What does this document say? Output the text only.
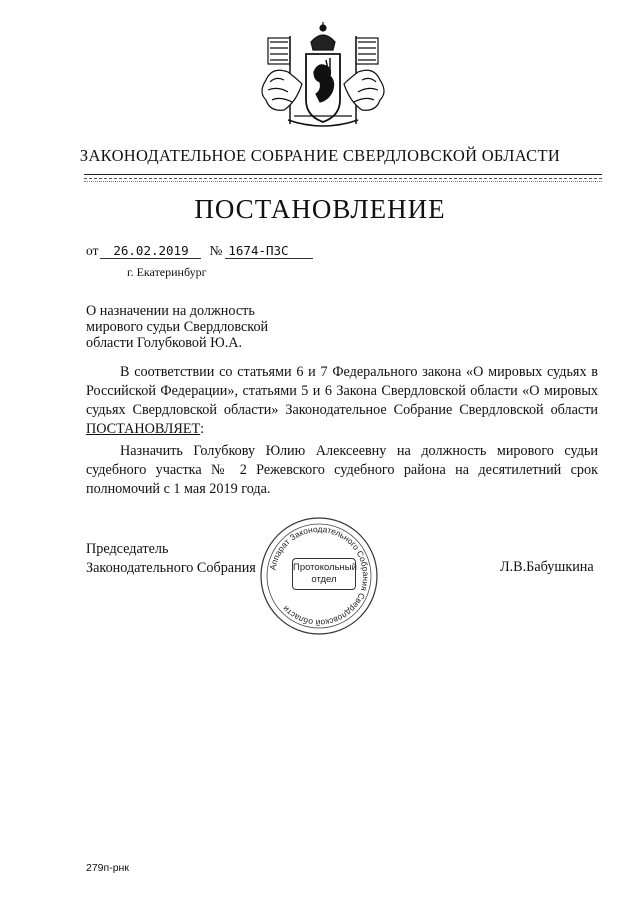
ЗАКОНОДАТЕЛЬНОЕ СОБРАНИЕ СВЕРДЛОВСКОЙ ОБЛАСТИ
ПОСТАНОВЛЕНИЕ
от 26.02.2019 № 1674-ПЗС
г. Екатеринбург
О назначении на должность
мирового судьи Свердловской
области Голубковой Ю.А.

В соответствии со статьями 6 и 7 Федерального закона «О мировых судьях в Российской Федерации», статьями 5 и 6 Закона Свердловской области «О мировых судьях Свердловской области» Законодательное Собрание Свердловской области ПОСТАНОВЛЯЕТ:

Назначить Голубкову Юлию Алексеевну на должность мирового судьи судебного участка № 2 Режевского судебного района на десятилетний срок полномочий с 1 мая 2019 года.

Председатель
Законодательного Собрания Аппарат Законодательного Собрания Свердловской области
Протокольный
отдел
Л.В.Бабушкина
279п-рнк
